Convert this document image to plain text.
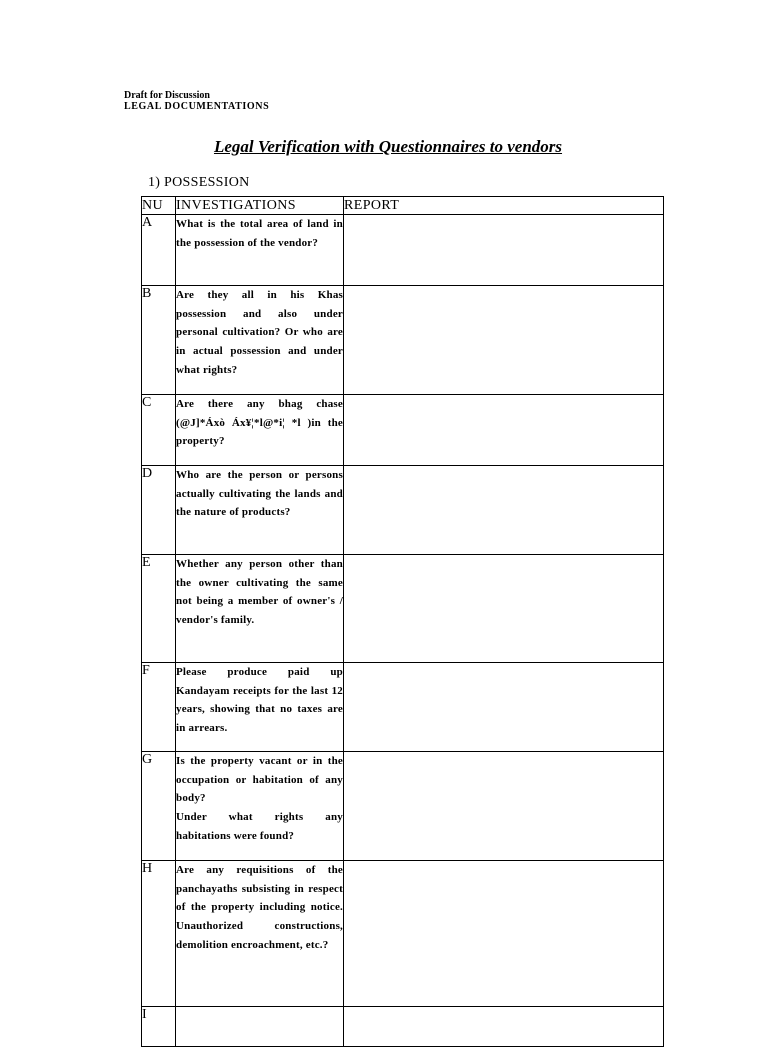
Draft for Discussion
LEGAL DOCUMENTATIONS
Legal Verification with Questionnaires to vendors
1) POSSESSION
NU	INVESTIGATIONS	REPORT
A	What is the total area of land in the possession of the vendor?	
B	Are they all in his Khas possession and also under personal cultivation? Or who are in actual possession and under what rights?	
C	Are there any bhag chase (@J]*Áxò Áx¥¦*l@*i¦ *l )in the property?	
D	Who are the person or persons actually cultivating the lands and the nature of products?	
E	Whether any person other than the owner cultivating the same not being a member of owner's / vendor's family.	
F	Please produce paid up Kandayam receipts for the last 12 years, showing that no taxes are in arrears.	
G	Is the property vacant or in the occupation or habitation of any body?
Under what rights any habitations were found?	

H	Are any requisitions of the panchayaths subsisting in respect of the property including notice. Unauthorized constructions, demolition encroachment, etc.?	
I		
